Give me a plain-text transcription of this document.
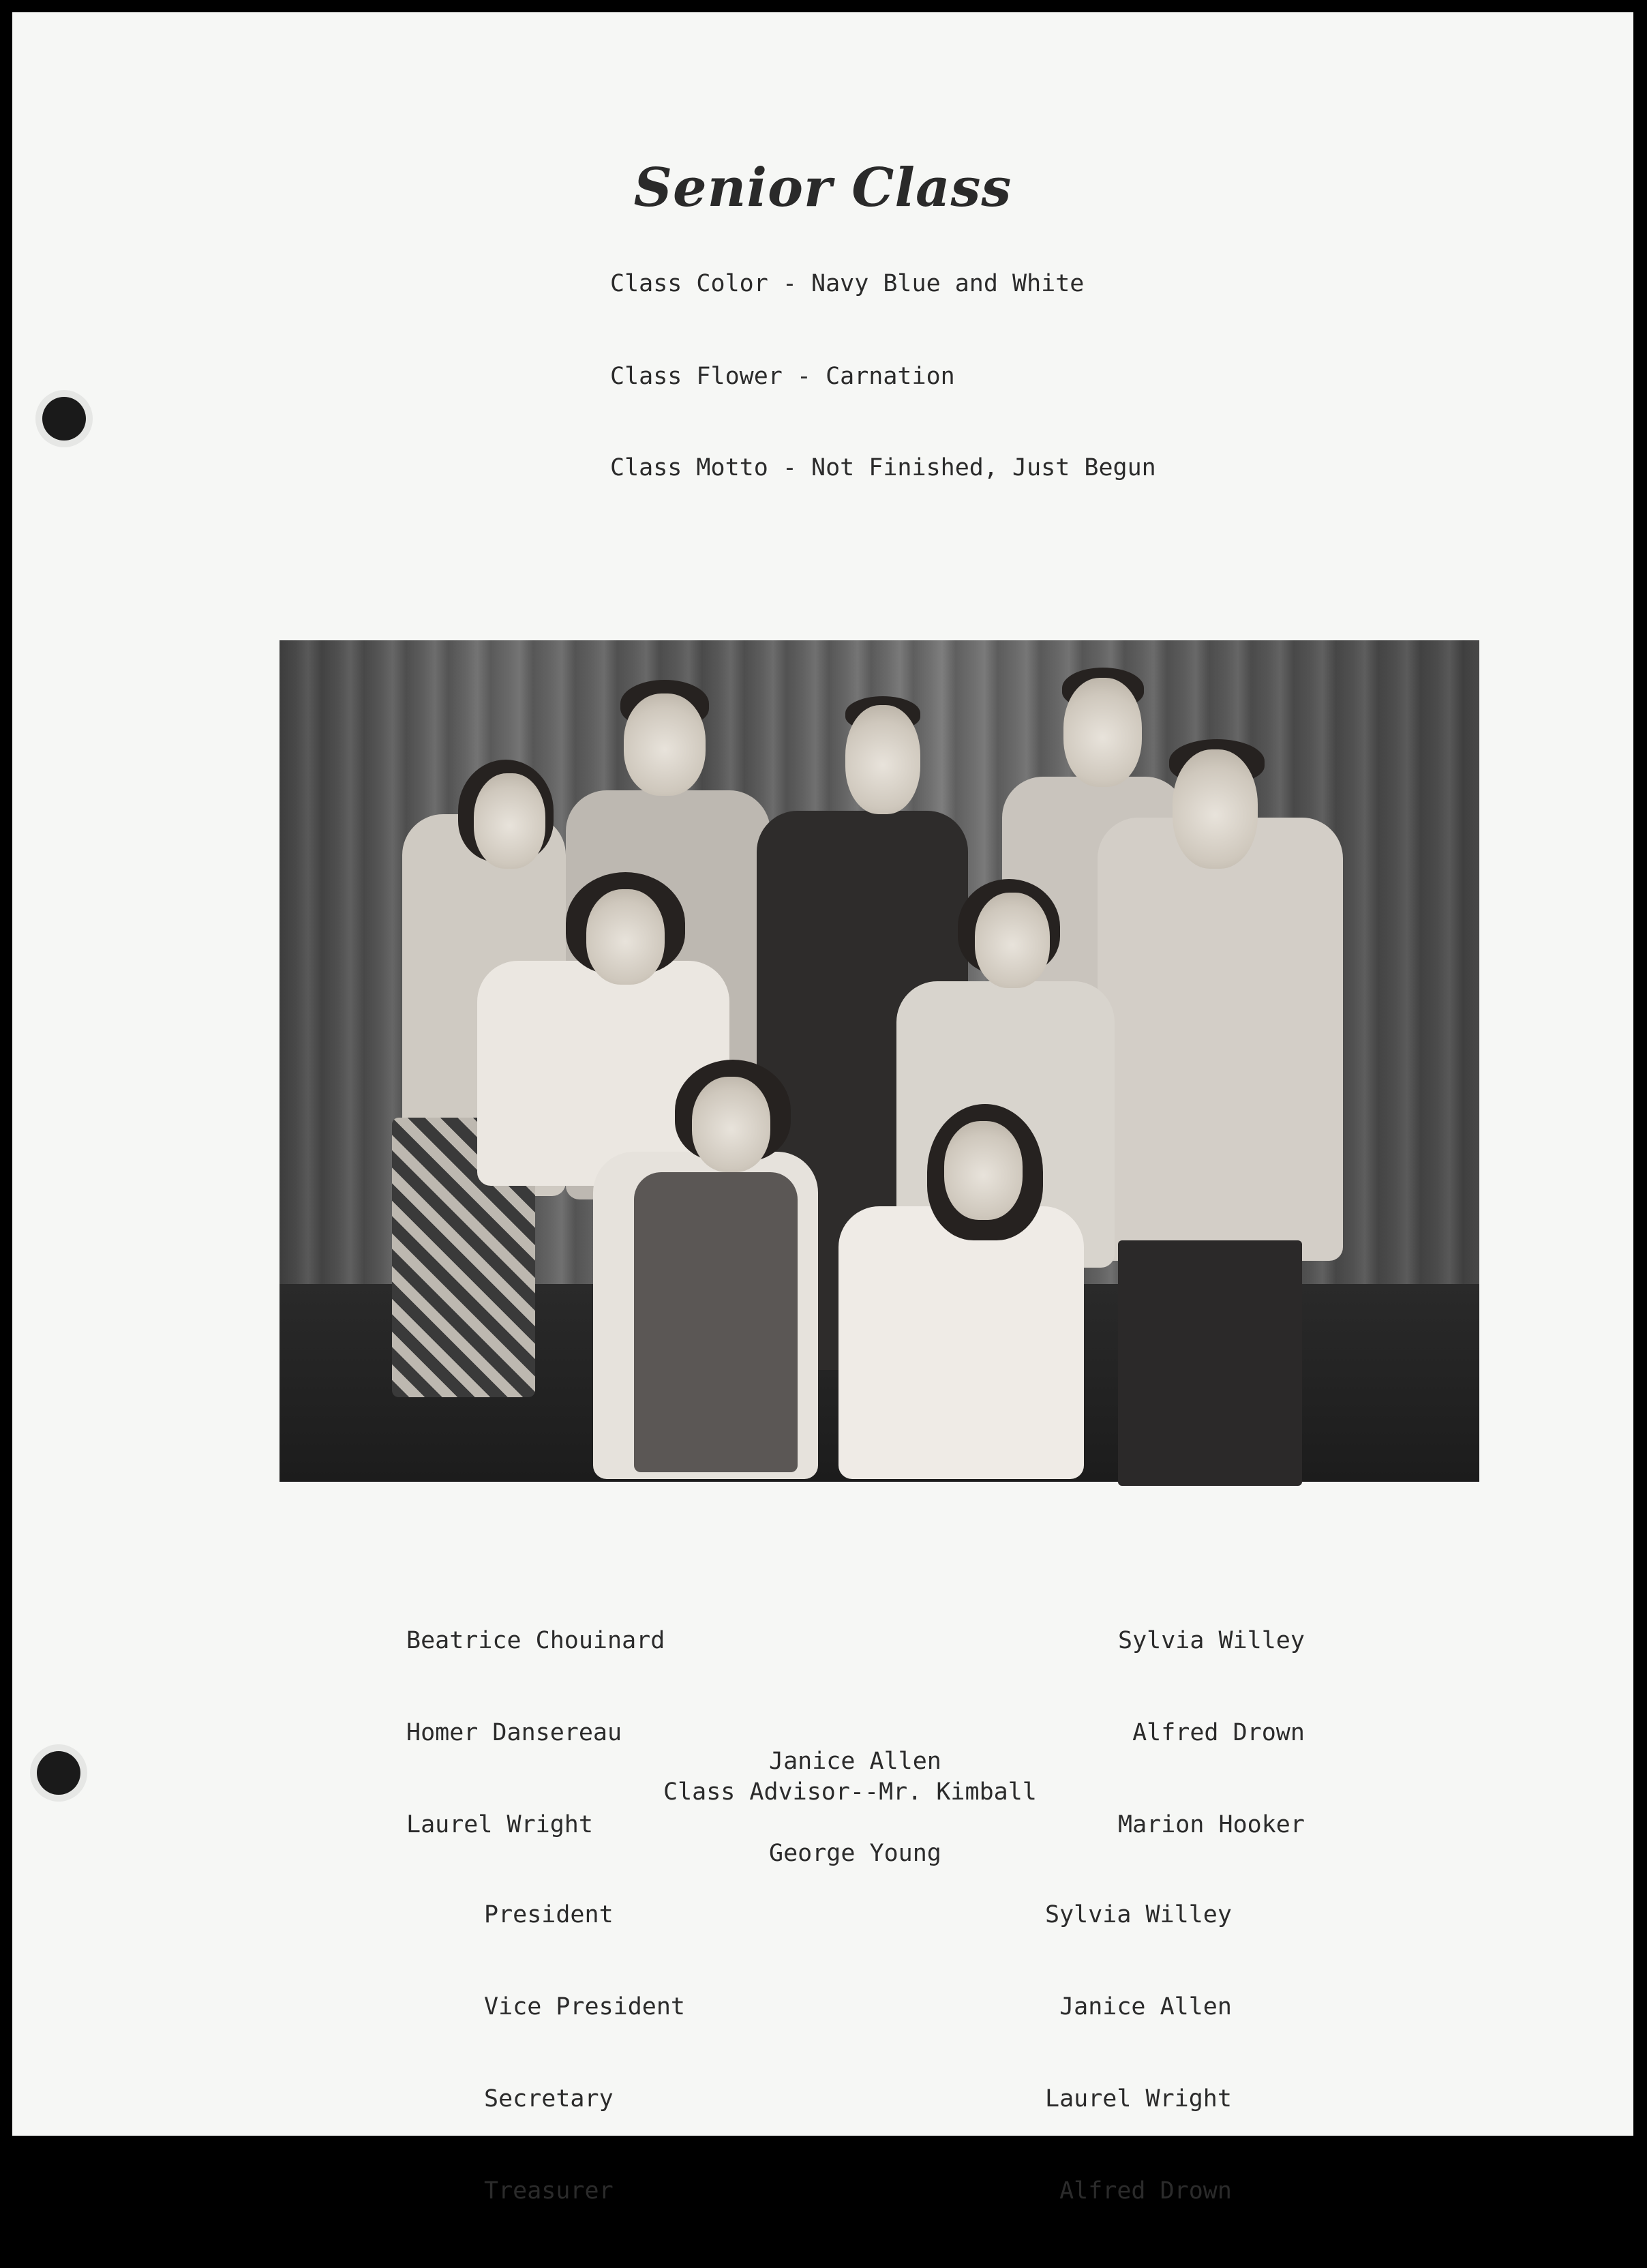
Senior Class
Class Color - Navy Blue and White
Class Flower - Carnation
Class Motto - Not Finished, Just Begun

Beatrice Chouinard

Homer Dansereau

Laurel Wright

Sylvia Willey

Alfred Drown

Marion Hooker

Janice Allen

George Young

Class Advisor--Mr. Kimball

President

Vice President

Secretary

Treasurer

Sylvia Willey

Janice Allen

Laurel Wright

Alfred Drown
